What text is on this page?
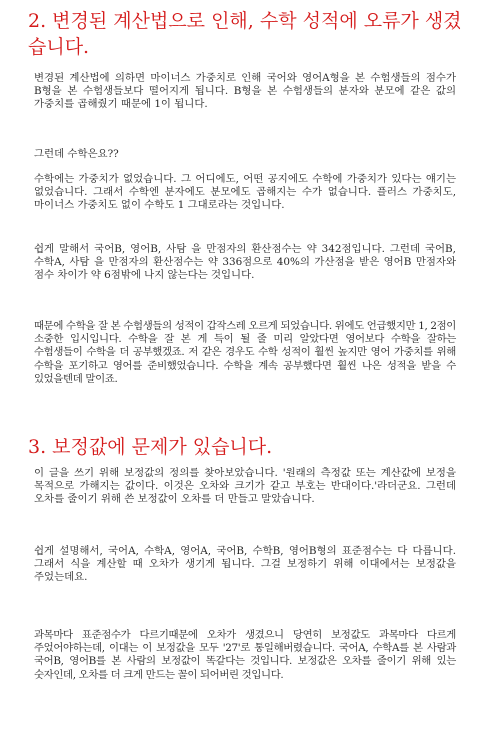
2. 변경된 계산법으로 인해, 수학 성적에 오류가 생겼습니다.

변경된 계산법에 의하면 마이너스 가중치로 인해 국어와 영어A형을 본 수험생들의 점수가 B형을 본 수험생들보다 떨어지게 됩니다. B형을 본 수험생들의 분자와 분모에 같은 값의 가중치를 곱해줬기 때문에 1이 됩니다.

그런데 수학은요??

수학에는 가중치가 없었습니다. 그 어디에도, 어떤 공지에도 수학에 가중치가 있다는 얘기는 없었습니다. 그래서 수학엔 분자에도 분모에도 곱해지는 수가 없습니다. 플러스 가중치도, 마이너스 가중치도 없이 수학도 1 그대로라는 것입니다.

쉽게 말해서 국어B, 영어B, 사탐 을 만점자의 환산점수는 약 342점입니다. 그런데 국어B, 수학A, 사탐 을 만점자의 환산점수는 약 336점으로 40%의 가산점을 받은 영어B 만점자와 점수 차이가 약 6점밖에 나지 않는다는 것입니다.

때문에 수학을 잘 본 수험생들의 성적이 갑작스레 오르게 되었습니다. 위에도 언급했지만 1, 2점이 소중한 입시입니다. 수학을 잘 본 게 득이 될 줄 미리 알았다면 영어보다 수학을 잘하는 수험생들이 수학을 더 공부했겠죠. 저 같은 경우도 수학 성적이 훨씬 높지만 영어 가중치를 위해 수학을 포기하고 영어를 준비했었습니다. 수학을 계속 공부했다면 훨씬 나은 성적을 받을 수 있었을텐데 말이죠.

3. 보정값에 문제가 있습니다.

이 글을 쓰기 위해 보정값의 정의를 찾아보았습니다. '원래의 측정값 또는 계산값에 보정을 목적으로 가해지는 값이다. 이것은 오차와 크기가 같고 부호는 반대이다.'라더군요. 그런데 오차를 줄이기 위해 쓴 보정값이 오차를 더 만들고 말았습니다.

쉽게 설명해서, 국어A, 수학A, 영어A, 국어B, 수학B, 영어B형의 표준점수는 다 다릅니다. 그래서 식을 계산할 때 오차가 생기게 됩니다. 그걸 보정하기 위해 이대에서는 보정값을 주었는데요.

과목마다 표준점수가 다르기때문에 오차가 생겼으니 당연히 보정값도 과목마다 다르게 주었어야하는데, 이대는 이 보정값을 모두 '27'로 통일해버렸습니다. 국어A, 수학A를 본 사람과 국어B, 영어B를 본 사람의 보정값이 똑같다는 것입니다. 보정값은 오차를 줄이기 위해 있는 숫자인데, 오차를 더 크게 만드는 꼴이 되어버린 것입니다.
